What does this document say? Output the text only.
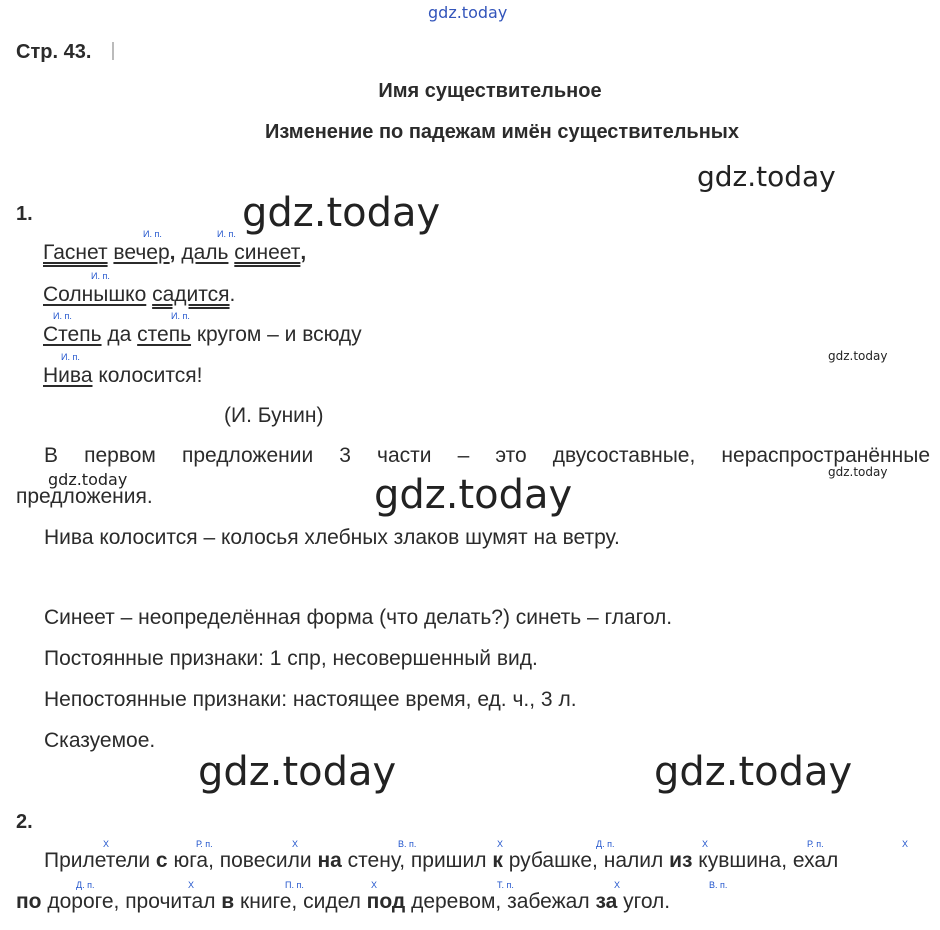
gdz.today
gdz.today
gdz.today
gdz.today
gdz.today
gdz.today	gdz.today
gdz.today	gdz.today
Стр. 43.
Имя существительное
Изменение по падежам имён существительных
1.
И. п.	И. п.
Гаснет вечер, даль синеет,
И. п.
Солнышко садится.
И. п.	И. п.
Степь да степь кругом – и всюду
И. п.
Нива колосится!
(И. Бунин)
В первом предложении 3 части – это двусоставные, нераспространённые
предложения.
Нива колосится – колосья хлебных злаков шумят на ветру.
Синеет – неопределённая форма (что делать?) синеть – глагол.
Постоянные признаки: 1 спр, несовершенный вид.
Непостоянные признаки: настоящее время, ед. ч., 3 л.
Сказуемое.
2.
Х	Р. п.	Х	В. п.	Х	Д. п.	Х	Р. п.	Х
Прилетели с юга, повесили на стену, пришил к рубашке, налил из кувшина, ехал
Д. п.	Х	П. п.	Х	Т. п.	Х	В. п.
по дороге, прочитал в книге, сидел под деревом, забежал за угол.
